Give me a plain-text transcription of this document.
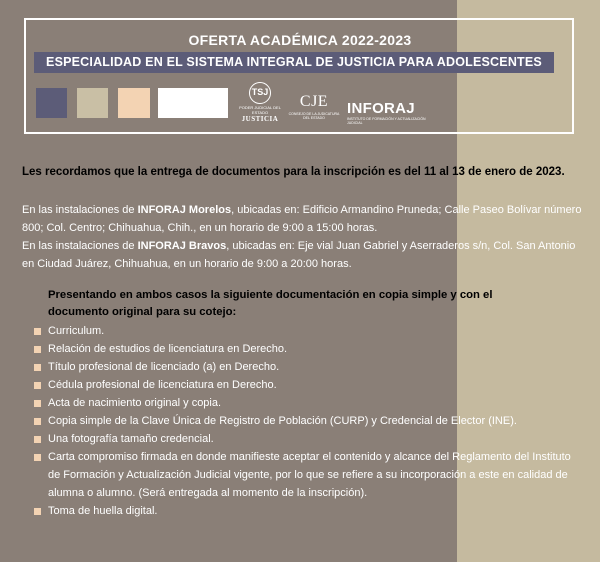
OFERTA ACADÉMICA 2022-2023
ESPECIALIDAD EN EL SISTEMA INTEGRAL DE JUSTICIA PARA ADOLESCENTES
TSJ
PODER JUDICIAL DEL ESTADO
JUSTICIA
CJE
CONSEJO DE LA JUDICATURA DEL ESTADO
INFORAJ
INSTITUTO DE FORMACIÓN Y ACTUALIZACIÓN JUDICIAL
Les recordamos que la entrega de documentos para la inscripción es del 11 al 13 de enero de 2023.
En las instalaciones de INFORAJ Morelos, ubicadas en: Edificio Armandino Pruneda; Calle Paseo Bolívar número 800; Col. Centro; Chihuahua, Chih., en un horario de 9:00 a 15:00 horas.
En las instalaciones de INFORAJ Bravos, ubicadas en: Eje vial Juan Gabriel y Aserraderos s/n, Col. San Antonio en Ciudad Juárez, Chihuahua, en un horario de 9:00 a 20:00 horas.
Presentando en ambos casos la siguiente documentación en copia simple y con el documento original para su cotejo:
Curriculum.
Relación de estudios de licenciatura en Derecho.
Título profesional de licenciado (a) en Derecho.
Cédula profesional de licenciatura en Derecho.
Acta de nacimiento original y copia.
Copia simple de la Clave Única de Registro de Población (CURP) y Credencial de Elector (INE).
Una fotografía tamaño credencial.
Carta compromiso firmada en donde manifieste aceptar el contenido y alcance del Reglamento del Instituto de Formación y Actualización Judicial vigente, por lo que se refiere a su incorporación a este en calidad de alumna o alumno. (Será entregada al momento de la inscripción).
Toma de huella digital.
